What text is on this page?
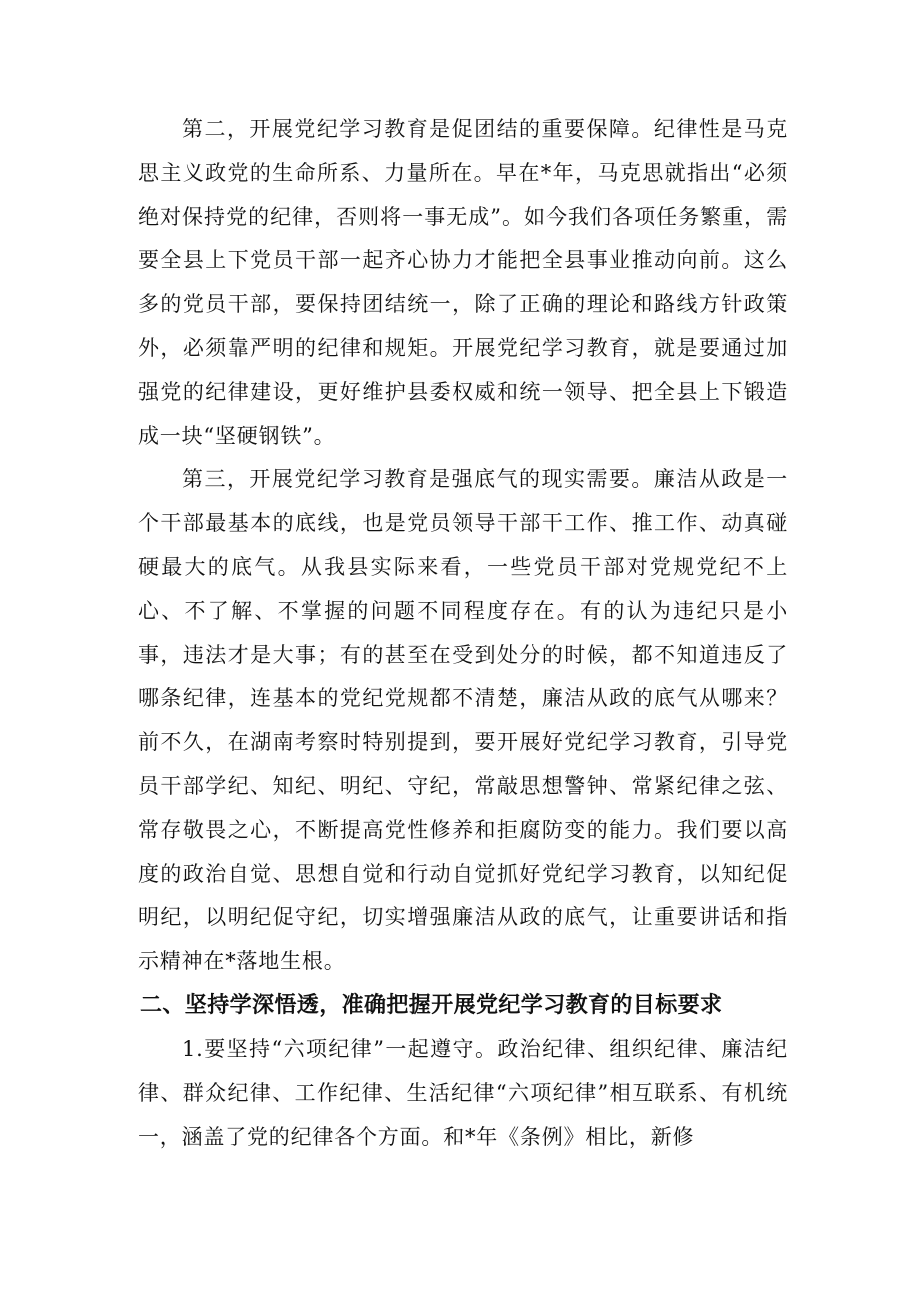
第二，开展党纪学习教育是促团结的重要保障。纪律性是马克思主义政党的生命所系、力量所在。早在*年，马克思就指出“必须绝对保持党的纪律，否则将一事无成”。如今我们各项任务繁重，需要全县上下党员干部一起齐心协力才能把全县事业推动向前。这么多的党员干部，要保持团结统一，除了正确的理论和路线方针政策外，必须靠严明的纪律和规矩。开展党纪学习教育，就是要通过加强党的纪律建设，更好维护县委权威和统一领导、把全县上下锻造成一块“坚硬钢铁”。

第三，开展党纪学习教育是强底气的现实需要。廉洁从政是一个干部最基本的底线，也是党员领导干部干工作、推工作、动真碰硬最大的底气。从我县实际来看，一些党员干部对党规党纪不上心、不了解、不掌握的问题不同程度存在。有的认为违纪只是小事，违法才是大事；有的甚至在受到处分的时候，都不知道违反了哪条纪律，连基本的党纪党规都不清楚，廉洁从政的底气从哪来？前不久，在湖南考察时特别提到，要开展好党纪学习教育，引导党员干部学纪、知纪、明纪、守纪，常敲思想警钟、常紧纪律之弦、常存敬畏之心，不断提高党性修养和拒腐防变的能力。我们要以高度的政治自觉、思想自觉和行动自觉抓好党纪学习教育，以知纪促明纪，以明纪促守纪，切实增强廉洁从政的底气，让重要讲话和指示精神在*落地生根。

二、坚持学深悟透，准确把握开展党纪学习教育的目标要求

1.要坚持“六项纪律”一起遵守。政治纪律、组织纪律、廉洁纪律、群众纪律、工作纪律、生活纪律“六项纪律”相互联系、有机统一，涵盖了党的纪律各个方面。和*年《条例》相比，新修
